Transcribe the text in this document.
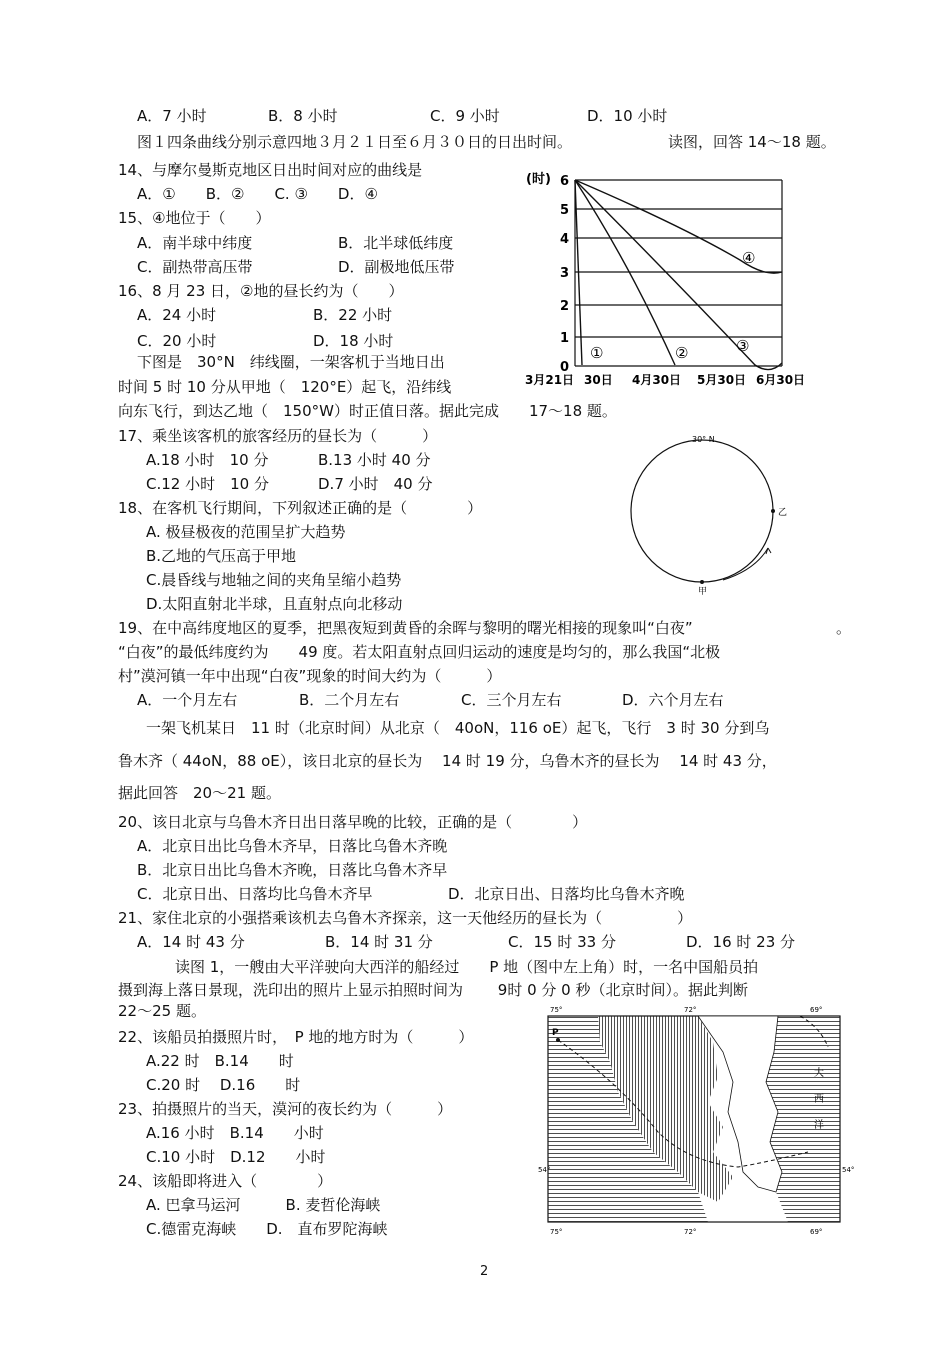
A．7 小时	B．8 小时	C．9 小时	D．10 小时
图１四条曲线分别示意四地３月２１日至６月３０日的日出时间。	读图，回答 14～18 题。
14、与摩尔曼斯克地区日出时间对应的曲线是
A．①　　B．②　　C. ③　　D．④
15、④地位于（　　）
A．南半球中纬度	B．北半球低纬度
C．副热带高压带	D．副极地低压带
16、8 月 23 日，②地的昼长约为（　　）
A．24 小时	B．22 小时
C．20 小时	D．18 小时
下图是　30°N　纬线圈，一架客机于当地日出
时间 5 时 10 分从甲地（　120°E）起飞，沿纬线
向东飞行，到达乙地（　150°W）时正值日落。据此完成　　17～18 题。
17、乘坐该客机的旅客经历的昼长为（　　　）
A.18 小时　10 分	B.13 小时 40 分
C.12 小时　10 分	D.7 小时　40 分
18、在客机飞行期间，下列叙述正确的是（　　　　）
A. 极昼极夜的范围呈扩大趋势
B.乙地的气压高于甲地
C.晨昏线与地轴之间的夹角呈缩小趋势
D.太阳直射北半球，且直射点向北移动
19、在中高纬度地区的夏季，把黑夜短到黄昏的余晖与黎明的曙光相接的现象叫“白夜”	。
“白夜”的最低纬度约为　　49 度。若太阳直射点回归运动的速度是均匀的，那么我国“北极
村”漠河镇一年中出现“白夜”现象的时间大约为（　　　）
A．一个月左右	B．二个月左右	C．三个月左右	D．六个月左右
一架飞机某日　11 时（北京时间）从北京（　40oN，116 oE）起飞，飞行　3 时 30 分到乌
鲁木齐（ 44oN，88 oE），该日北京的昼长为　 14 时 19 分，乌鲁木齐的昼长为　 14 时 43 分，
据此回答　20～21 题。
20、该日北京与乌鲁木齐日出日落早晚的比较，正确的是（　　　　）
A．北京日出比乌鲁木齐早，日落比乌鲁木齐晚
B．北京日出比乌鲁木齐晚，日落比乌鲁木齐早
C．北京日出、日落均比乌鲁木齐早	D．北京日出、日落均比乌鲁木齐晚
21、家住北京的小强搭乘该机去乌鲁木齐探亲，这一天他经历的昼长为（　　　　　）
A．14 时 43 分	B．14 时 31 分	C．15 时 33 分	D．16 时 23 分
读图 1，一艘由大平洋驶向大西洋的船经过　　P 地（图中左上角）时，一名中国船员拍
摄到海上落日景现，洗印出的照片上显示拍照时间为　　 9时 0 分 0 秒（北京时间）。据此判断
22～25 题。
22、该船员拍摄照片时，　P 地的地方时为（　　　）
A.22 时　B.14　　时
C.20 时　 D.16　　时
23、拍摄照片的当天，漠河的夜长约为（　　　）
A.16 小时　B.14　　小时
C.10 小时　D.12　　小时
24、该船即将进入（　　　　）
A. 巴拿马运河　　　B. 麦哲伦海峡
C.德雷克海峡　　D.　直布罗陀海峡
2
(时) 6
5
4
3
2
1
0
①	②	③
④
3月21日 30日 4月30日 5月30日 6月30日
30° N
乙
甲
P
大
西
洋
75°	72°	69°
75°	72°	69°
54°	54°
